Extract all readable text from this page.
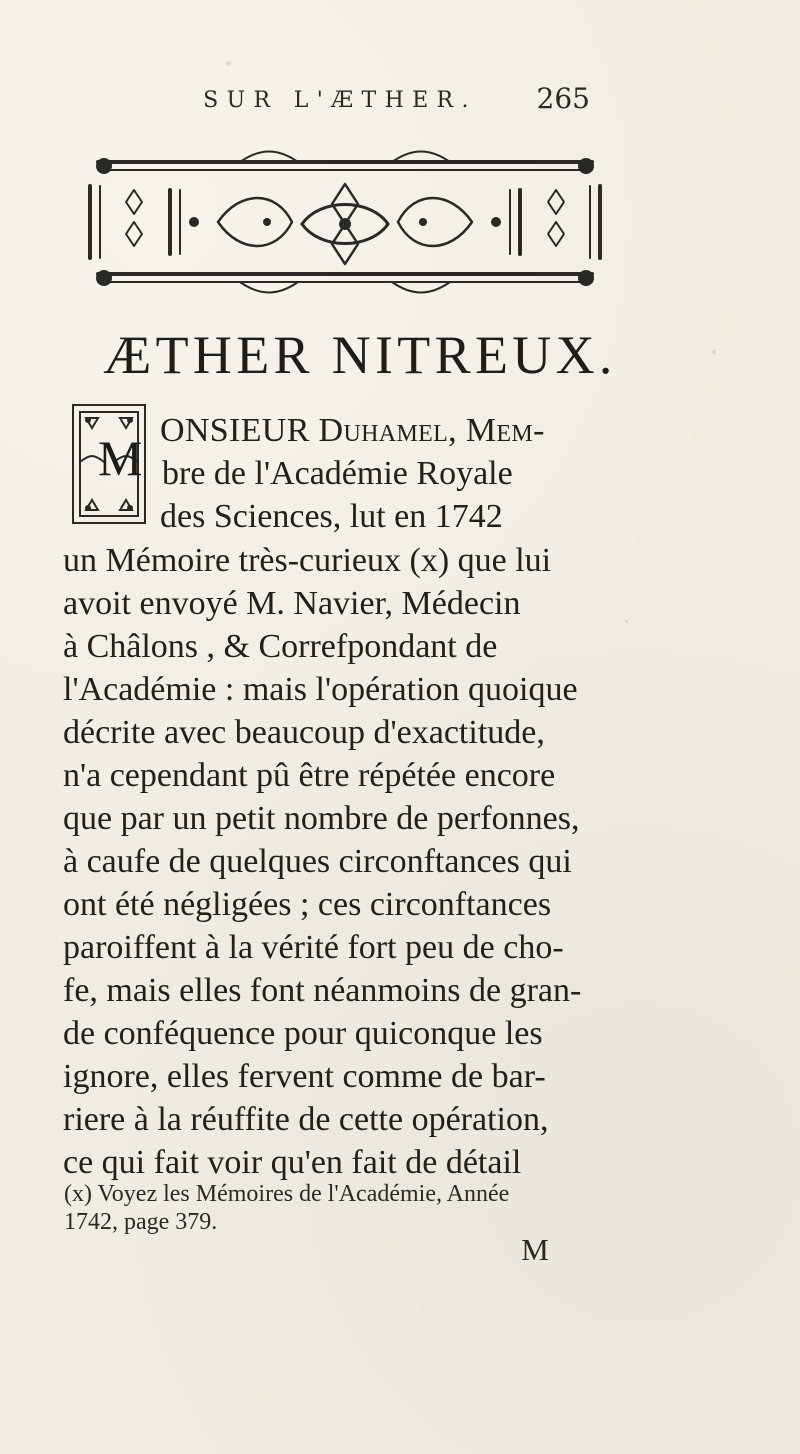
SUR L'ÆTHER.	265
ÆTHER NITREUX.
M ONSIEUR Duhamel, Mem-
bre de l'Académie Royale
des Sciences, lut en 1742
un Mémoire très-curieux (x) que lui
avoit envoyé M. Navier, Médecin
à Châlons , & Correfpondant de
l'Académie : mais l'opération quoique
décrite avec beaucoup d'exactitude,
n'a cependant pû être répétée encore
que par un petit nombre de perfonnes,
à caufe de quelques circonftances qui
ont été négligées ; ces circonftances
paroiffent à la vérité fort peu de cho-
fe, mais elles font néanmoins de gran-
de conféquence pour quiconque les
ignore, elles fervent comme de bar-
riere à la réuffite de cette opération,
ce qui fait voir qu'en fait de détail
(x) Voyez les Mémoires de l'Académie, Année
1742, page 379.
M
